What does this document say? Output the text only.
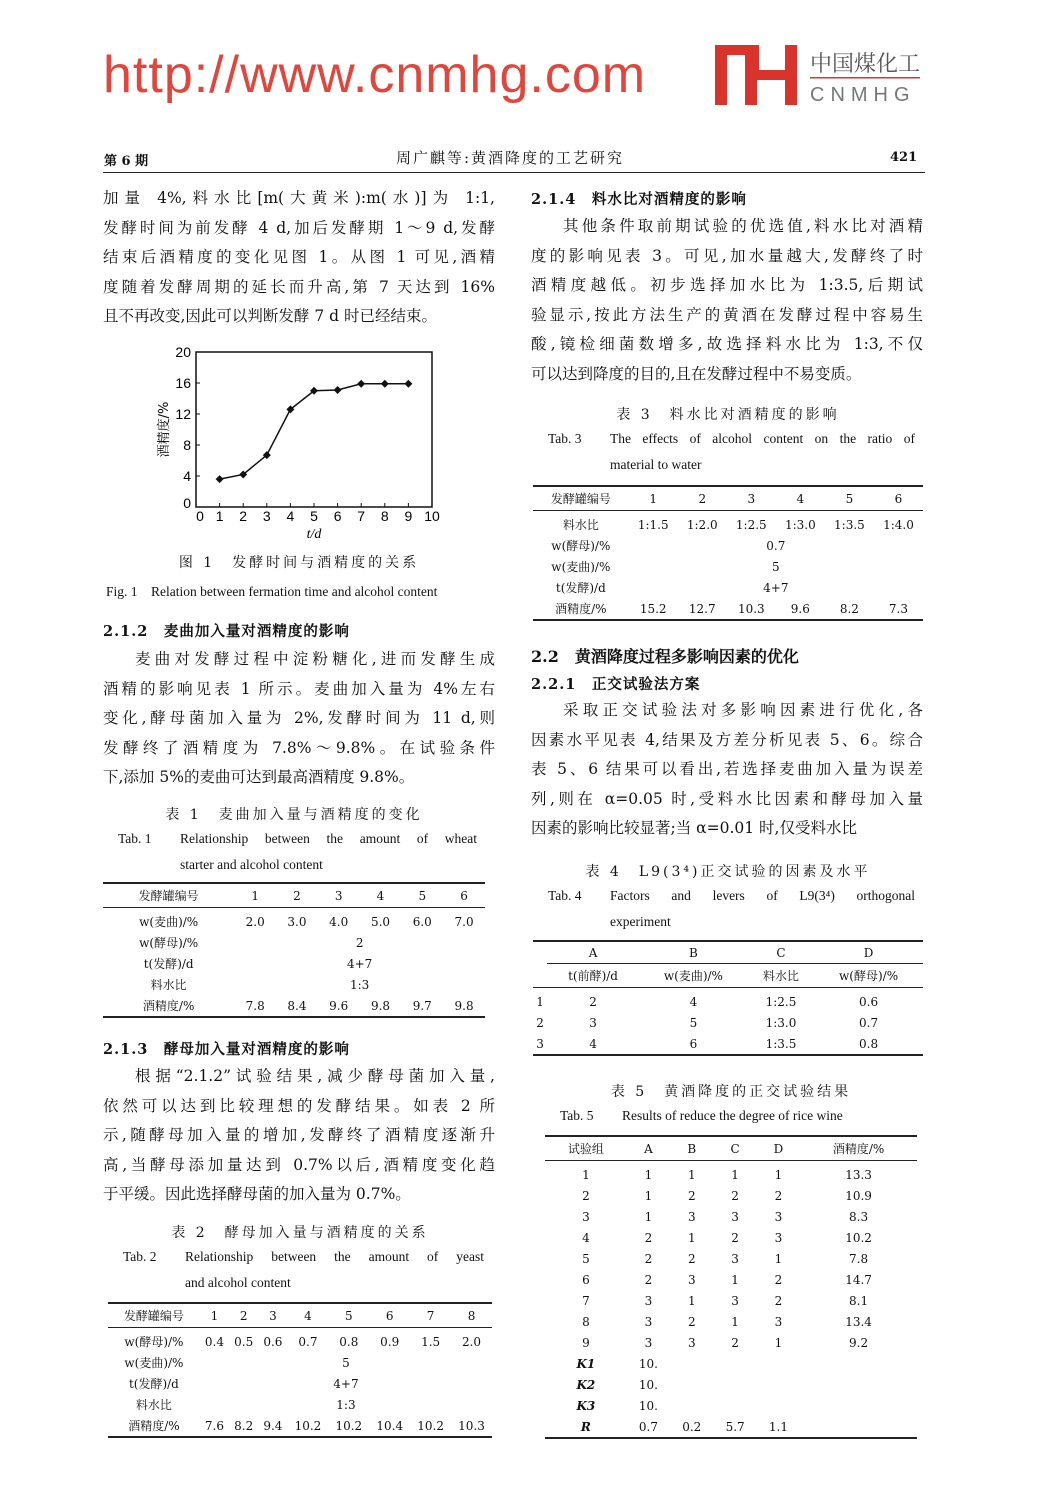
http://www.cnmhg.com	中国煤化工
CNMHG
第 6 期	周广麒等:黄酒降度的工艺研究	421
加量 4%,料水比[m(大黄米):m(水)]为 1:1,
发酵时间为前发酵 4 d,加后发酵期 1～9 d,发酵
结束后酒精度的变化见图 1。从图 1 可见,酒精
度随着发酵周期的延长而升高,第 7 天达到 16%
且不再改变,因此可以判断发酵 7 d 时已经结束。
0 1 2 3 4 5 6 7 8 9 10
0
4
8
12
16
20
t/d
酒精度/%
图 1　发酵时间与酒精度的关系
Fig. 1　Relation between fermation time and alcohol content
2.1.2　麦曲加入量对酒精度的影响
麦曲对发酵过程中淀粉糖化,进而发酵生成
酒精的影响见表 1 所示。麦曲加入量为 4%左右
变化,酵母菌加入量为 2%,发酵时间为 11 d,则
发酵终了酒精度为 7.8%～9.8%。在试验条件
下,添加 5%的麦曲可达到最高酒精度 9.8%。
2.1.3　酵母加入量对酒精度的影响
根据“2.1.2”试验结果,减少酵母菌加入量,
依然可以达到比较理想的发酵结果。如表 2 所
示,随酵母加入量的增加,发酵终了酒精度逐渐升
高,当酵母添加量达到 0.7%以后,酒精度变化趋
于平缓。因此选择酵母菌的加入量为 0.7%。
2.1.4　料水比对酒精度的影响
其他条件取前期试验的优选值,料水比对酒精
度的影响见表 3。可见,加水量越大,发酵终了时
酒精度越低。初步选择加水比为 1:3.5,后期试
验显示,按此方法生产的黄酒在发酵过程中容易生
酸,镜检细菌数增多,故选择料水比为 1:3,不仅
可以达到降度的目的,且在发酵过程中不易变质。
2.2　黄酒降度过程多影响因素的优化
2.2.1　正交试验法方案
采取正交试验法对多影响因素进行优化,各
因素水平见表 4,结果及方差分析见表 5、6。综合
表 5、6 结果可以看出,若选择麦曲加入量为误差
列,则在 α=0.05 时,受料水比因素和酵母加入量
因素的影响比较显著;当 α=0.01 时,仅受料水比
表 1　麦曲加入量与酒精度的变化
Tab. 1 Relationship between the amount of wheat
starter and alcohol content
发酵罐编号	1	2	3	4	5	6
w(麦曲)/%	2.0	3.0	4.0	5.0	6.0	7.0
w(酵母)/%	2					
t(发酵)/d	4+7					
料水比	1:3					
酒精度/%	7.8	8.4	9.6	9.8	9.7	9.8
表 2　酵母加入量与酒精度的关系
Tab. 2 Relationship between the amount of yeast
and alcohol content
发酵罐编号	1	2	3	4	5	6	7	8
w(酵母)/%	0.4	0.5	0.6	0.7	0.8	0.9	1.5	2.0
w(麦曲)/%	5							
t(发酵)/d	4+7							
料水比	1:3							
酒精度/%	7.6	8.2	9.4	10.2	10.2	10.4	10.2	10.3
表 3　料水比对酒精度的影响
Tab. 3 The effects of alcohol content on the ratio of
material to water
发酵罐编号	1	2	3	4	5	6
料水比	1:1.5	1:2.0	1:2.5	1:3.0	1:3.5	1:4.0
w(酵母)/%	0.7					
w(麦曲)/%	5					
t(发酵)/d	4+7					
酒精度/%	15.2	12.7	10.3	9.6	8.2	7.3
表 4　L9(3⁴)正交试验的因素及水平
Tab. 4 Factors and levers of L9(3⁴) orthogonal
experiment
	A	B	C	D
	t(前酵)/d	w(麦曲)/%	料水比	w(酵母)/%
1	2	4	1:2.5	0.6
2	3	5	1:3.0	0.7
3	4	6	1:3.5	0.8
表 5　黄酒降度的正交试验结果
Tab. 5 Results of reduce the degree of rice wine
试验组	A	B	C	D	酒精度/%
1	1	1	1	1	13.3
2	1	2	2	2	10.9
3	1	3	3	3	8.3
4	2	1	2	3	10.2
5	2	2	3	1	7.8
6	2	3	1	2	14.7
7	3	1	3	2	8.1
8	3	2	1	3	13.4
9	3	3	2	1	9.2
K1	10.				
K2	10.				
K3	10.				
R	0.7	0.2	5.7	1.1	
